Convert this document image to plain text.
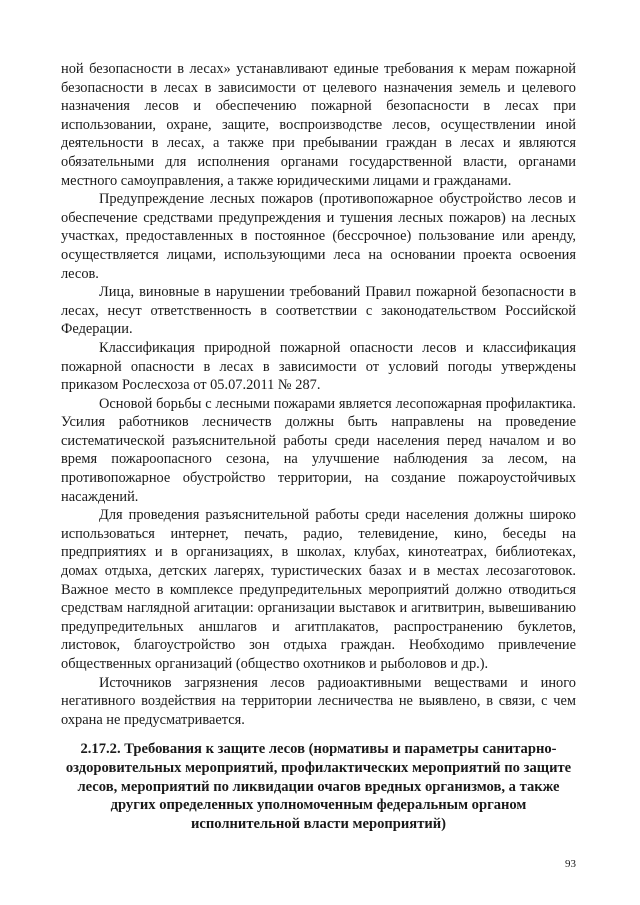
ной безопасности в лесах» устанавливают единые требования к мерам пожарной безопасности в лесах в зависимости от целевого назначения земель и целевого назначения лесов и обеспечению пожарной безопасности в лесах при использовании, охране, защите, воспроизводстве лесов, осуществлении иной деятельности в лесах, а также при пребывании граждан в лесах и являются обязательными для исполнения органами государственной власти, органами местного самоуправления, а также юридическими лицами и гражданами.

Предупреждение лесных пожаров (противопожарное обустройство лесов и обеспечение средствами предупреждения и тушения лесных пожаров) на лесных участках, предоставленных в постоянное (бессрочное) пользование или аренду, осуществляется лицами, использующими леса на основании проекта освоения лесов.

Лица, виновные в нарушении требований Правил пожарной безопасности в лесах, несут ответственность в соответствии с законодательством Российской Федерации.

Классификация природной пожарной опасности лесов и классификация пожарной опасности в лесах в зависимости от условий погоды утверждены приказом Рослесхоза от 05.07.2011 № 287.

Основой борьбы с лесными пожарами является лесопожарная профилактика. Усилия работников лесничеств должны быть направлены на проведение систематической разъяснительной работы среди населения перед началом и во время пожароопасного сезона, на улучшение наблюдения за лесом, на противопожарное обустройство территории, на создание пожароустойчивых насаждений.

Для проведения разъяснительной работы среди населения должны широко использоваться интернет, печать, радио, телевидение, кино, беседы на предприятиях и в организациях, в школах, клубах, кинотеатрах, библиотеках, домах отдыха, детских лагерях, туристических базах и в местах лесозаготовок. Важное место в комплексе предупредительных мероприятий должно отводиться средствам наглядной агитации: организации выставок и агитвитрин, вывешиванию предупредительных аншлагов и агитплакатов, распространению буклетов, листовок, благоустройство зон отдыха граждан. Необходимо привлечение общественных организаций (общество охотников и рыболовов и др.).

Источников загрязнения лесов радиоактивными веществами и иного негативного воздействия на территории лесничества не выявлено, в связи, с чем охрана не предусматривается.

2.17.2. Требования к защите лесов (нормативы и параметры санитарно-оздоровительных мероприятий, профилактических мероприятий по защите лесов, мероприятий по ликвидации очагов вредных организмов, а также других определенных уполномоченным федеральным органом исполнительной власти мероприятий)
93
